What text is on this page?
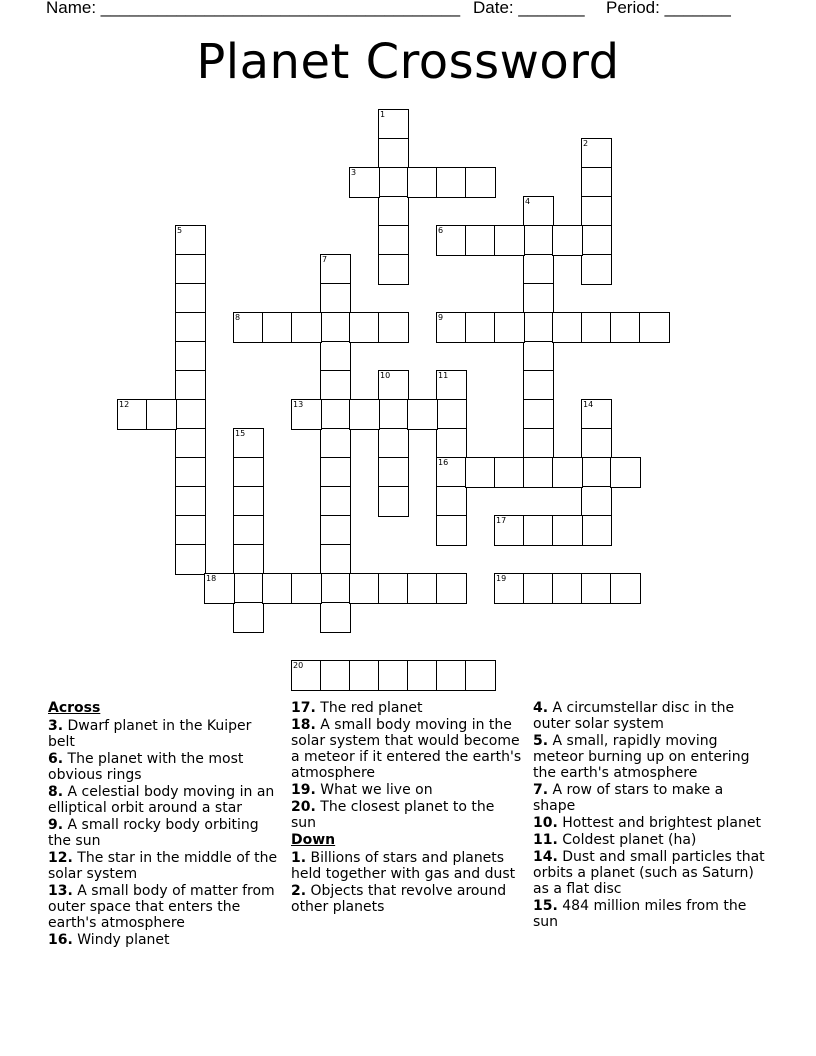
Name: ______________________________________ Date: _______ Period: _______
Planet Crossword
1
2
3
4
5	6
7
8	9
10	11
16
12	13	14
15
17
18	19
20
Across
3. Dwarf planet in the Kuiper belt
6. The planet with the most obvious rings
8. A celestial body moving in an elliptical orbit around a star
9. A small rocky body orbiting the sun
12. The star in the middle of the solar system
13. A small body of matter from outer space that enters the earth's atmosphere
16. Windy planet
17. The red planet
18. A small body moving in the solar system that would become a meteor if it entered the earth's atmosphere
19. What we live on
20. The closest planet to the sun
Down
1. Billions of stars and planets held together with gas and dust
2. Objects that revolve around other planets
4. A circumstellar disc in the outer solar system
5. A small, rapidly moving meteor burning up on entering the earth's atmosphere
7. A row of stars to make a shape
10. Hottest and brightest planet
11. Coldest planet (ha)
14. Dust and small particles that orbits a planet (such as Saturn) as a flat disc
15. 484 million miles from the sun
